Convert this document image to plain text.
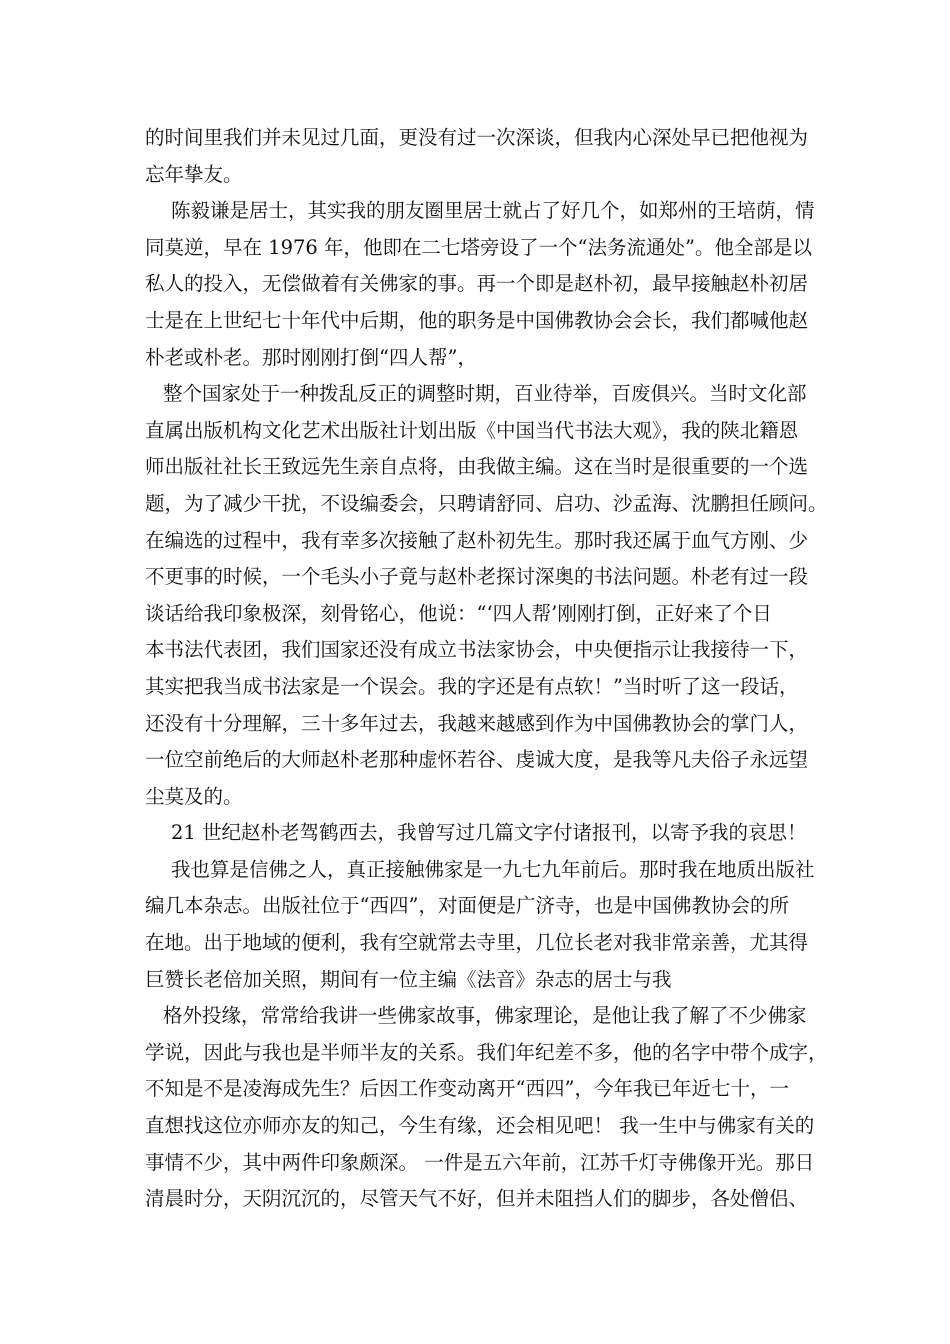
的时间里我们并未见过几面，更没有过一次深谈，但我内心深处早已把他视为
忘年挚友。
陈毅谦是居士，其实我的朋友圈里居士就占了好几个，如郑州的王培荫，情
同莫逆，早在 1976 年，他即在二七塔旁设了一个“法务流通处”。他全部是以
私人的投入，无偿做着有关佛家的事。再一个即是赵朴初，最早接触赵朴初居
士是在上世纪七十年代中后期，他的职务是中国佛教协会会长，我们都喊他赵
朴老或朴老。那时刚刚打倒“四人帮”，
整个国家处于一种拨乱反正的调整时期，百业待举，百废俱兴。当时文化部
直属出版机构文化艺术出版社计划出版《中国当代书法大观》，我的陕北籍恩
师出版社社长王致远先生亲自点将，由我做主编。这在当时是很重要的一个选
题，为了减少干扰，不设编委会，只聘请舒同、启功、沙孟海、沈鹏担任顾问。
在编选的过程中，我有幸多次接触了赵朴初先生。那时我还属于血气方刚、少
不更事的时候，一个毛头小子竟与赵朴老探讨深奥的书法问题。朴老有过一段
谈话给我印象极深，刻骨铭心，他说：“‘四人帮’刚刚打倒，正好来了个日
本书法代表团，我们国家还没有成立书法家协会，中央便指示让我接待一下，
其实把我当成书法家是一个误会。我的字还是有点软！”当时听了这一段话，
还没有十分理解，三十多年过去，我越来越感到作为中国佛教协会的掌门人，
一位空前绝后的大师赵朴老那种虚怀若谷、虔诚大度，是我等凡夫俗子永远望
尘莫及的。
21 世纪赵朴老驾鹤西去，我曾写过几篇文字付诸报刊，以寄予我的哀思！
我也算是信佛之人，真正接触佛家是一九七九年前后。那时我在地质出版社
编几本杂志。出版社位于“西四”，对面便是广济寺，也是中国佛教协会的所
在地。出于地域的便利，我有空就常去寺里，几位长老对我非常亲善，尤其得
巨赞长老倍加关照，期间有一位主编《法音》杂志的居士与我
格外投缘，常常给我讲一些佛家故事，佛家理论，是他让我了解了不少佛家
学说，因此与我也是半师半友的关系。我们年纪差不多，他的名字中带个成字，
不知是不是凌海成先生？后因工作变动离开“西四”，今年我已年近七十，一
直想找这位亦师亦友的知己，今生有缘，还会相见吧！ 我一生中与佛家有关的
事情不少，其中两件印象颇深。 一件是五六年前，江苏千灯寺佛像开光。那日
清晨时分，天阴沉沉的，尽管天气不好，但并未阻挡人们的脚步，各处僧侣、
